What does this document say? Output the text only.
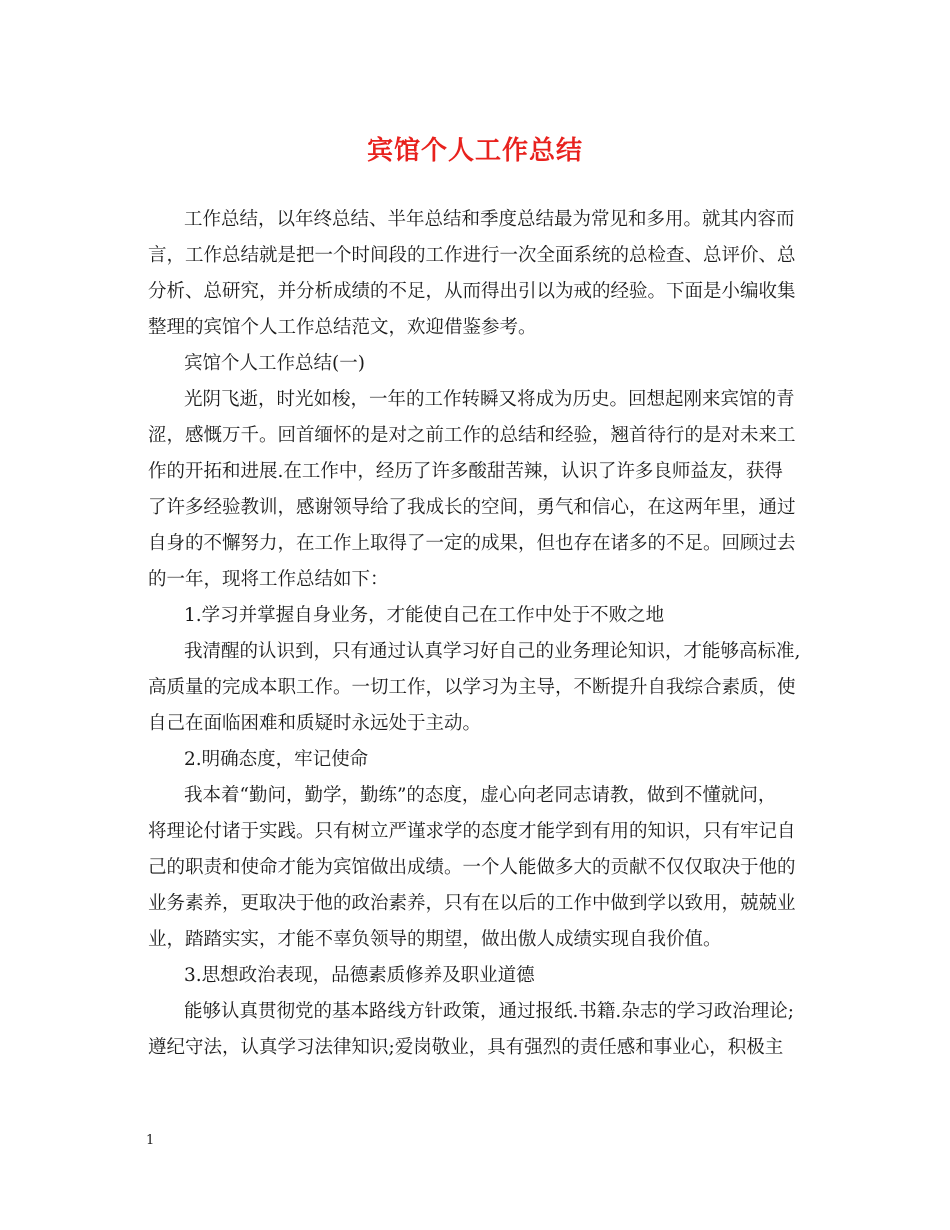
宾馆个人工作总结
工作总结，以年终总结、半年总结和季度总结最为常见和多用。就其内容而
言，工作总结就是把一个时间段的工作进行一次全面系统的总检查、总评价、总
分析、总研究，并分析成绩的不足，从而得出引以为戒的经验。下面是小编收集
整理的宾馆个人工作总结范文，欢迎借鉴参考。
宾馆个人工作总结(一)
光阴飞逝，时光如梭，一年的工作转瞬又将成为历史。回想起刚来宾馆的青
涩，感慨万千。回首缅怀的是对之前工作的总结和经验，翘首待行的是对未来工
作的开拓和进展.在工作中，经历了许多酸甜苦辣，认识了许多良师益友，获得
了许多经验教训，感谢领导给了我成长的空间，勇气和信心，在这两年里，通过
自身的不懈努力，在工作上取得了一定的成果，但也存在诸多的不足。回顾过去
的一年，现将工作总结如下：
1.学习并掌握自身业务，才能使自己在工作中处于不败之地
我清醒的认识到，只有通过认真学习好自己的业务理论知识，才能够高标准,
高质量的完成本职工作。一切工作，以学习为主导，不断提升自我综合素质，使
自己在面临困难和质疑时永远处于主动。
2.明确态度，牢记使命
我本着“勤问，勤学，勤练”的态度，虚心向老同志请教，做到不懂就问，
将理论付诸于实践。只有树立严谨求学的态度才能学到有用的知识，只有牢记自
己的职责和使命才能为宾馆做出成绩。一个人能做多大的贡献不仅仅取决于他的
业务素养，更取决于他的政治素养，只有在以后的工作中做到学以致用，兢兢业
业，踏踏实实，才能不辜负领导的期望，做出傲人成绩实现自我价值。
3.思想政治表现，品德素质修养及职业道德
能够认真贯彻党的基本路线方针政策，通过报纸.书籍.杂志的学习政治理论;
遵纪守法，认真学习法律知识;爱岗敬业，具有强烈的责任感和事业心，积极主
1
